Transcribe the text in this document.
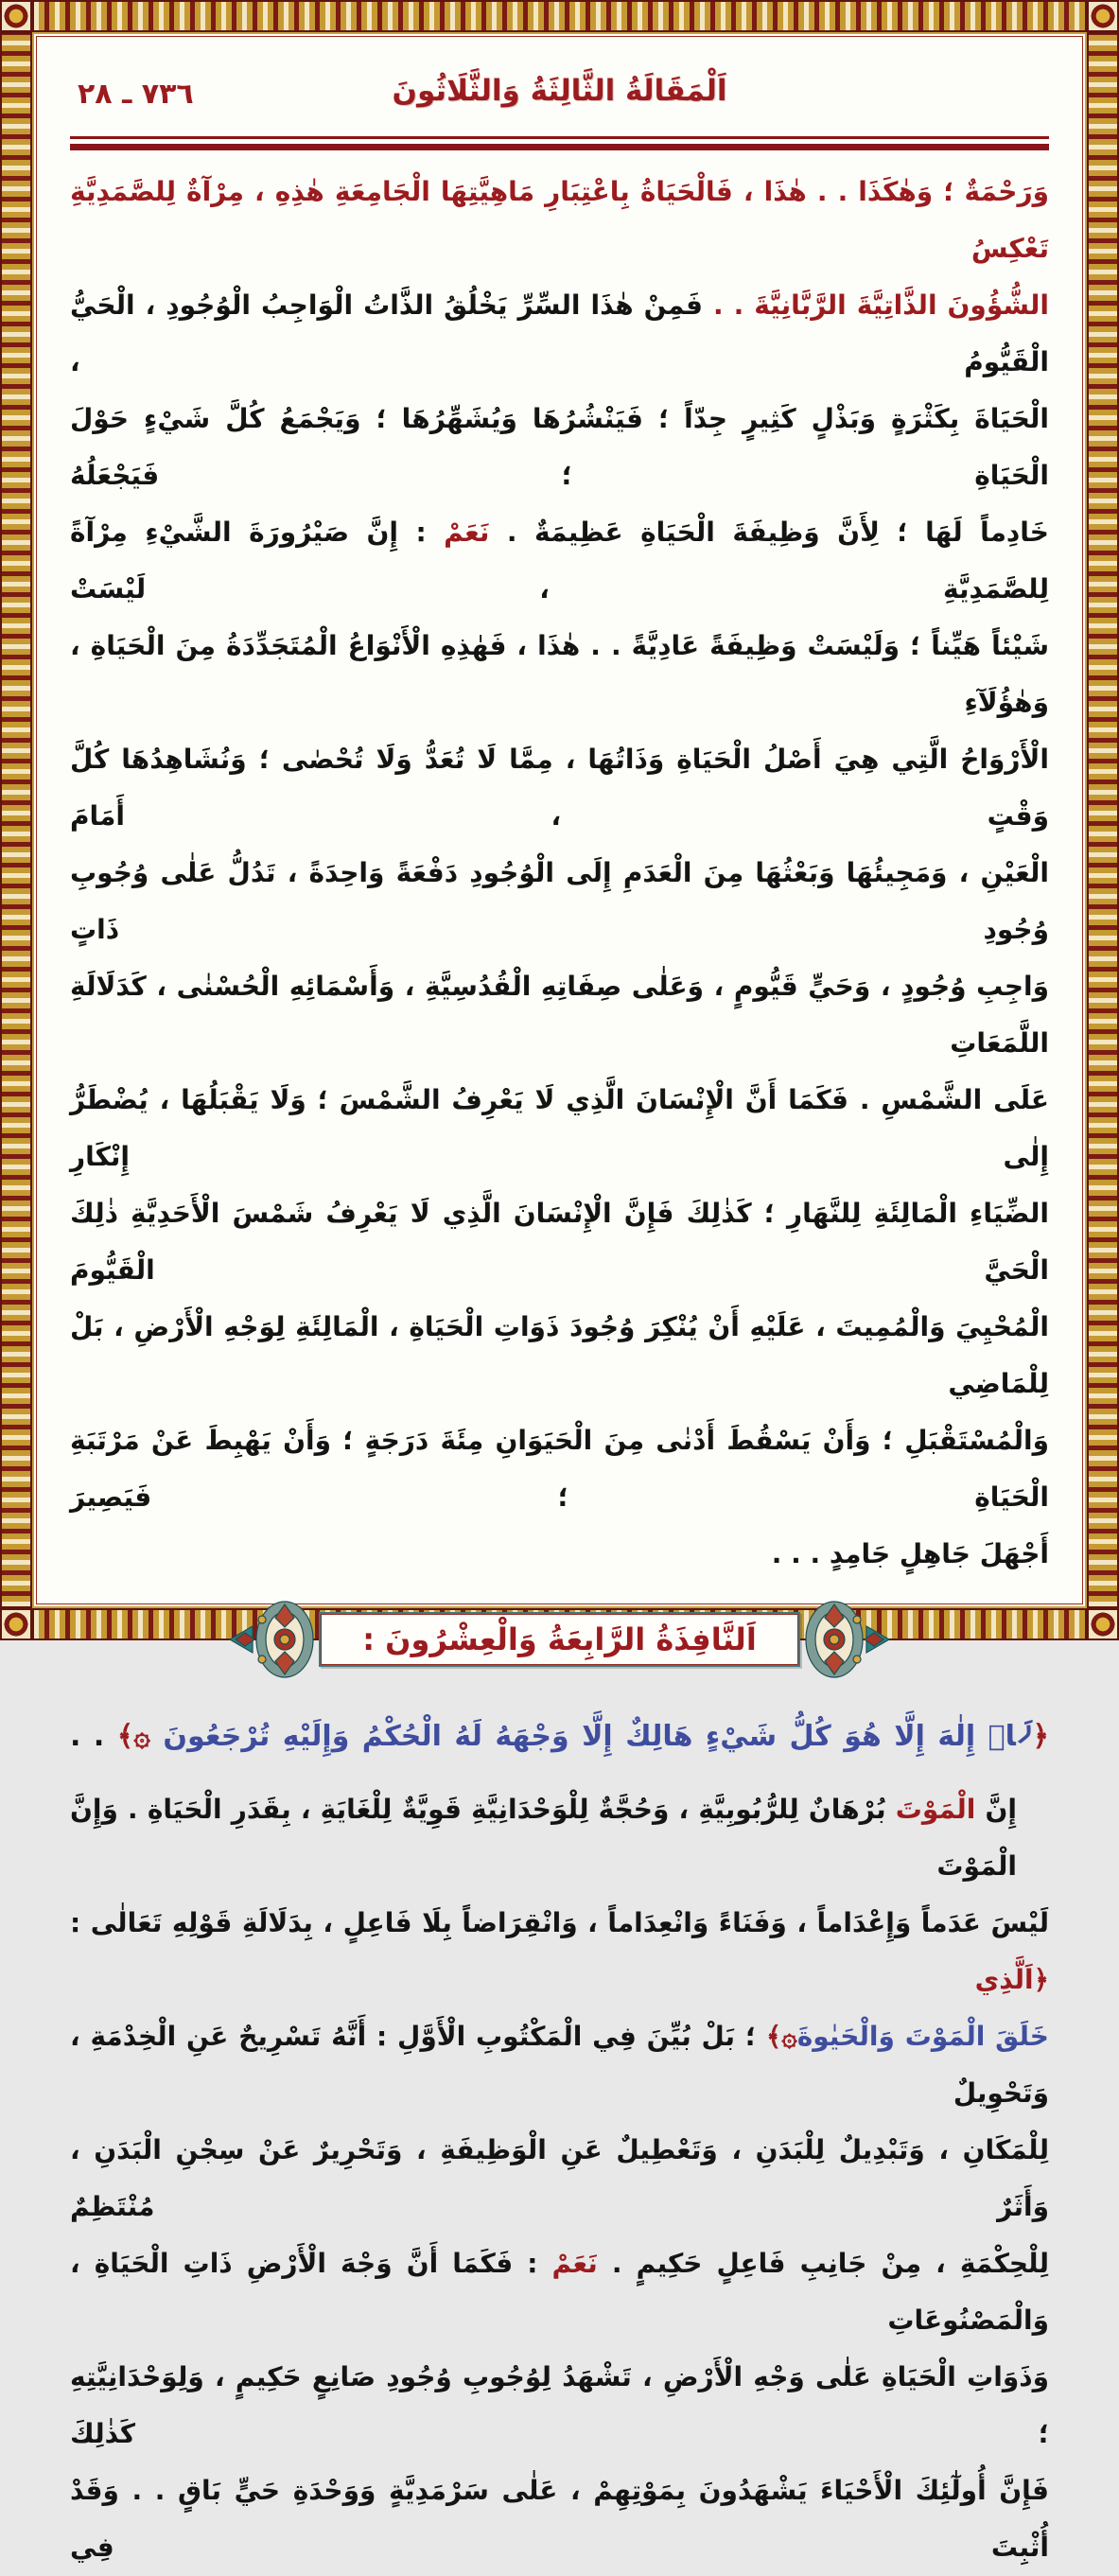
٧٣٦ ـ ٢٨	اَلْمَقَالَةُ الثَّالِثَةُ وَالثَّلَاثُونَ
وَرَحْمَةٌ ؛ وَهٰكَذَا . . هٰذَا ، فَالْحَيَاةُ بِاعْتِبَارِ مَاهِيَّتِهَا الْجَامِعَةِ هٰذِهِ ، مِرْآةٌ لِلصَّمَدِيَّةِ تَعْكِسُ
الشُّؤُونَ الذَّاتِيَّةَ الرَّبَّانِيَّةَ . . فَمِنْ هٰذَا السِّرِّ يَخْلُقُ الذَّاتُ الْوَاجِبُ الْوُجُودِ ، الْحَيُّ الْقَيُّومُ ،
الْحَيَاةَ بِكَثْرَةٍ وَبَذْلٍ كَثِيرٍ جِدّاً ؛ فَيَنْشُرُهَا وَيُشَهِّرُهَا ؛ وَيَجْمَعُ كُلَّ شَيْءٍ حَوْلَ الْحَيَاةِ ؛ فَيَجْعَلُهُ
خَادِماً لَهَا ؛ لِأَنَّ وَظِيفَةَ الْحَيَاةِ عَظِيمَةٌ . نَعَمْ : إِنَّ صَيْرُورَةَ الشَّيْءِ مِرْآةً لِلصَّمَدِيَّةِ ، لَيْسَتْ
شَيْئاً هَيِّناً ؛ وَلَيْسَتْ وَظِيفَةً عَادِيَّةً . . هٰذَا ، فَهٰذِهِ الْأَنْوَاعُ الْمُتَجَدِّدَةُ مِنَ الْحَيَاةِ ، وَهٰؤُلَآءِ
الْأَرْوَاحُ الَّتِي هِيَ أَصْلُ الْحَيَاةِ وَذَاتُهَا ، مِمَّا لَا تُعَدُّ وَلَا تُحْصٰى ؛ وَنُشَاهِدُهَا كُلَّ وَقْتٍ ، أَمَامَ
الْعَيْنِ ، وَمَجِيئُهَا وَبَعْثُهَا مِنَ الْعَدَمِ إِلَى الْوُجُودِ دَفْعَةً وَاحِدَةً ، تَدُلُّ عَلٰى وُجُوبِ وُجُودِ ذَاتٍ
وَاجِبِ وُجُودٍ ، وَحَيٍّ قَيُّومٍ ، وَعَلٰى صِفَاتِهِ الْقُدُسِيَّةِ ، وَأَسْمَائِهِ الْحُسْنٰى ، كَدَلَالَةِ اللَّمَعَاتِ
عَلَى الشَّمْسِ . فَكَمَا أَنَّ الْإِنْسَانَ الَّذِي لَا يَعْرِفُ الشَّمْسَ ؛ وَلَا يَقْبَلُهَا ، يُضْطَرُّ إِلٰى إِنْكَارِ
الضِّيَاءِ الْمَالِئَةِ لِلنَّهَارِ ؛ كَذٰلِكَ فَإِنَّ الْإِنْسَانَ الَّذِي لَا يَعْرِفُ شَمْسَ الْأَحَدِيَّةِ ذٰلِكَ الْحَيَّ الْقَيُّومَ
الْمُحْيِيَ وَالْمُمِيتَ ، عَلَيْهِ أَنْ يُنْكِرَ وُجُودَ ذَوَاتِ الْحَيَاةِ ، الْمَالِئَةِ لِوَجْهِ الْأَرْضِ ، بَلْ لِلْمَاضِي
وَالْمُسْتَقْبَلِ ؛ وَأَنْ يَسْقُطَ أَدْنٰى مِنَ الْحَيَوَانِ مِئَةَ دَرَجَةٍ ؛ وَأَنْ يَهْبِطَ عَنْ مَرْتَبَةِ الْحَيَاةِ ؛ فَيَصِيرَ
أَجْهَلَ جَاهِلٍ جَامِدٍ . . .
اَلنَّافِذَةُ الرَّابِعَةُ وَالْعِشْرُونَ :
﴿لَاۤ إِلٰهَ إِلَّا هُوَ كُلُّ شَيْءٍ هَالِكٌ إِلَّا وَجْهَهُ لَهُ الْحُكْمُ وَإِلَيْهِ تُرْجَعُونَ ۞﴾ . .
إِنَّ الْمَوْتَ بُرْهَانٌ لِلرُّبُوبِيَّةِ ، وَحُجَّةٌ لِلْوَحْدَانِيَّةِ قَوِيَّةٌ لِلْغَايَةِ ، بِقَدَرِ الْحَيَاةِ . وَإِنَّ الْمَوْتَ
لَيْسَ عَدَماً وَإِعْدَاماً ، وَفَنَاءً وَانْعِدَاماً ، وَانْقِرَاضاً بِلَا فَاعِلٍ ، بِدَلَالَةِ قَوْلِهِ تَعَالٰى : ﴿اَلَّذِي
خَلَقَ الْمَوْتَ وَالْحَيٰوةَ۞﴾ ؛ بَلْ بُيِّنَ فِي الْمَكْتُوبِ الْأَوَّلِ : أَنَّهُ تَسْرِيحٌ عَنِ الْخِدْمَةِ ، وَتَحْوِيلٌ
لِلْمَكَانِ ، وَتَبْدِيلٌ لِلْبَدَنِ ، وَتَعْطِيلٌ عَنِ الْوَظِيفَةِ ، وَتَحْرِيرٌ عَنْ سِجْنِ الْبَدَنِ ، وَأَثَرٌ مُنْتَظِمٌ
لِلْحِكْمَةِ ، مِنْ جَانِبِ فَاعِلٍ حَكِيمٍ . نَعَمْ : فَكَمَا أَنَّ وَجْهَ الْأَرْضِ ذَاتِ الْحَيَاةِ ، وَالْمَصْنُوعَاتِ
وَذَوَاتِ الْحَيَاةِ عَلٰى وَجْهِ الْأَرْضِ ، تَشْهَدُ لِوُجُوبِ وُجُودِ صَانِعٍ حَكِيمٍ ، وَلِوَحْدَانِيَّتِهِ ؛ كَذٰلِكَ
فَإِنَّ أُولٰٓئِكَ الْأَحْيَاءَ يَشْهَدُونَ بِمَوْتِهِمْ ، عَلٰى سَرْمَدِيَّةٍ وَوَحْدَةِ حَيٍّ بَاقٍ . . وَقَدْ أُثْبِتَ فِي
